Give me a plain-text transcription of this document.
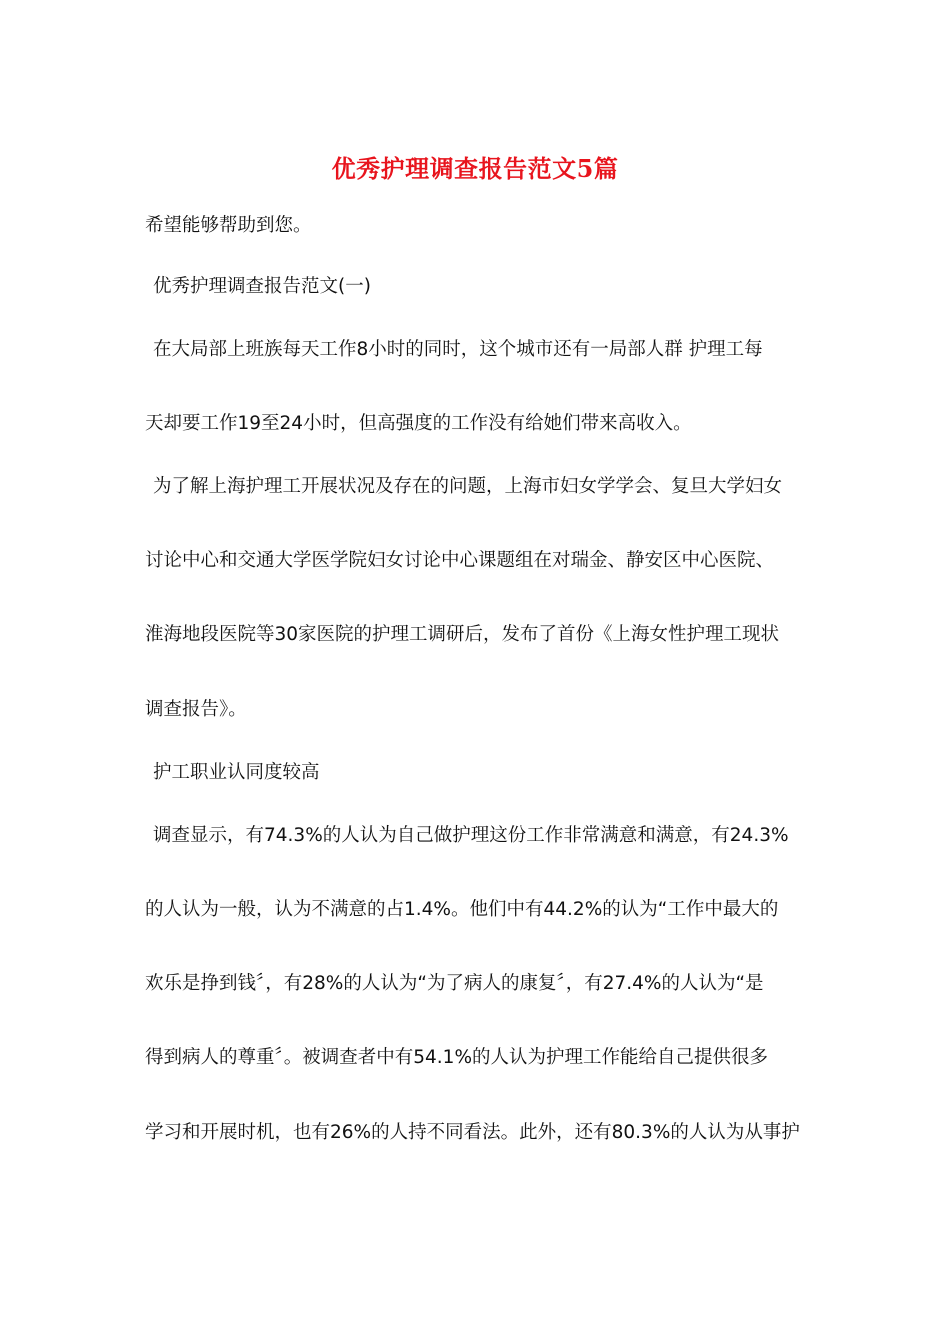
优秀护理调查报告范文5篇
希望能够帮助到您。
优秀护理调查报告范文(一)
在大局部上班族每天工作8小时的同时，这个城市还有一局部人群 护理工每
天却要工作19至24小时，但高强度的工作没有给她们带来高收入。
为了解上海护理工开展状况及存在的问题，上海市妇女学学会、复旦大学妇女
讨论中心和交通大学医学院妇女讨论中心课题组在对瑞金、静安区中心医院、
淮海地段医院等30家医院的护理工调研后，发布了首份《上海女性护理工现状
调查报告》。
护工职业认同度较高
调查显示，有74.3%的人认为自己做护理这份工作非常满意和满意，有24.3%
的人认为一般，认为不满意的占1.4%。他们中有44.2%的认为“工作中最大的
欢乐是挣到钱〞，有28%的人认为“为了病人的康复〞，有27.4%的人认为“是
得到病人的尊重〞。被调查者中有54.1%的人认为护理工作能给自己提供很多
学习和开展时机，也有26%的人持不同看法。此外，还有80.3%的人认为从事护
